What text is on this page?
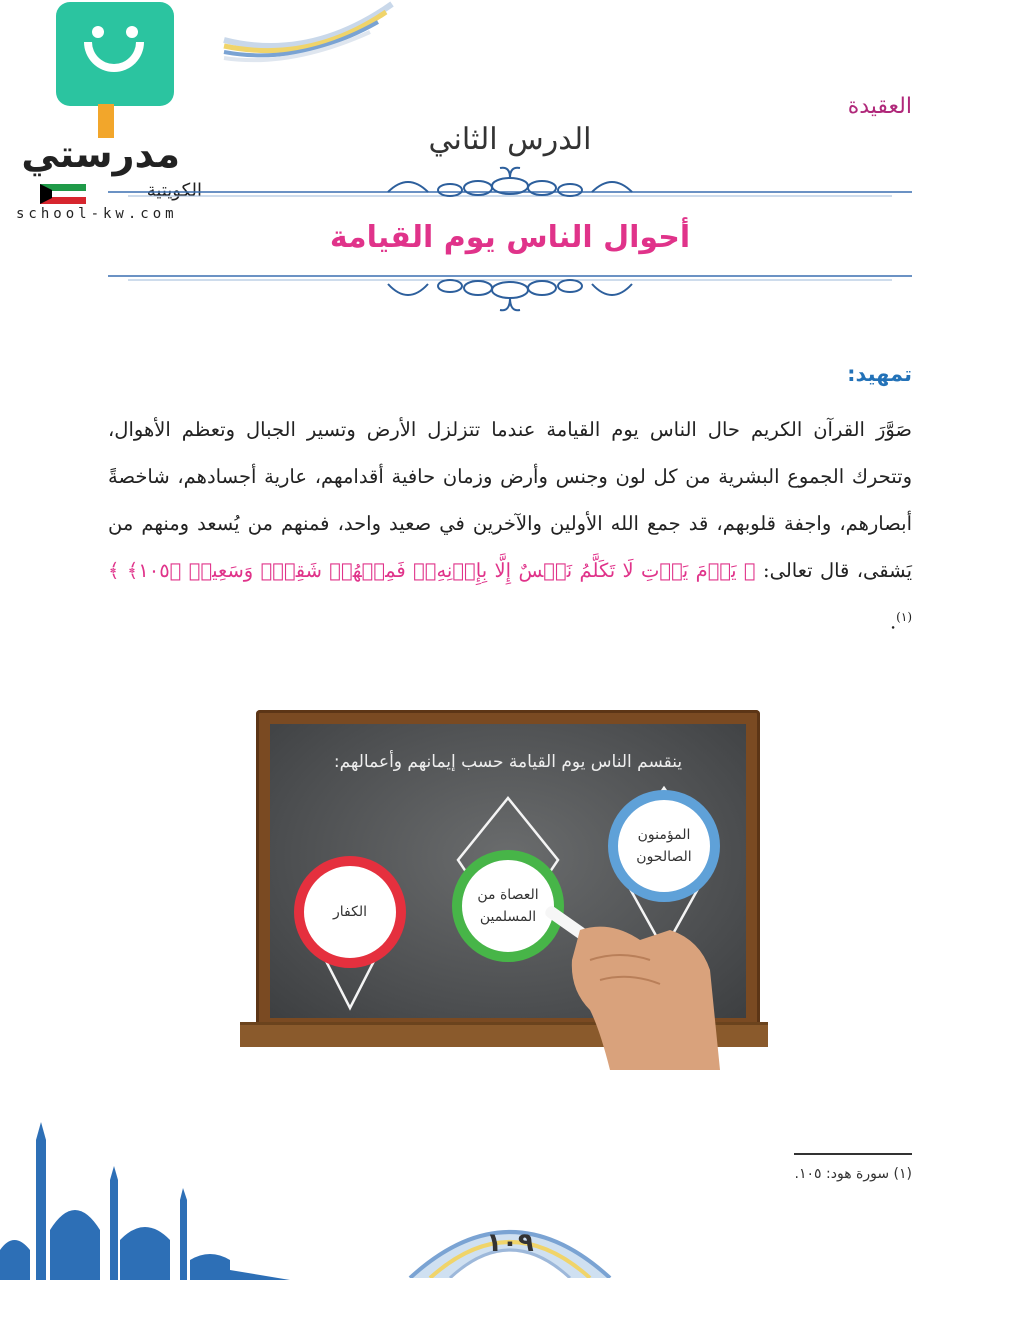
مدرستي
الكويتية
school-kw.com
العقيدة
الدرس الثاني
أحوال الناس يوم القيامة
تمهيد:
صَوَّرَ القرآن الكريم حال الناس يوم القيامة عندما تتزلزل الأرض وتسير الجبال وتعظم الأهوال، وتتحرك الجموع البشرية من كل لون وجنس وأرض وزمان حافية أقدامهم، عارية أجسادهم، شاخصةً أبصارهم، واجفة قلوبهم، قد جمع الله الأولين والآخرين في صعيد واحد، فمنهم من يُسعد ومنهم من يَشقى، قال تعالى: ﴿ يَوۡمَ يَأۡتِ لَا تَكَلَّمُ نَفۡسٌ إِلَّا بِإِذۡنِهِۦۚ فَمِنۡهُمۡ شَقِيّٞ وَسَعِيدٞ ﴿١٠٥﴾ ﴾$^{(١)}$.
ينقسم الناس يوم القيامة حسب إيمانهم وأعمالهم:
المؤمنون الصالحون
العصاة من المسلمين
الكفار
(١) سورة هود: ١٠٥.
١٠٩
